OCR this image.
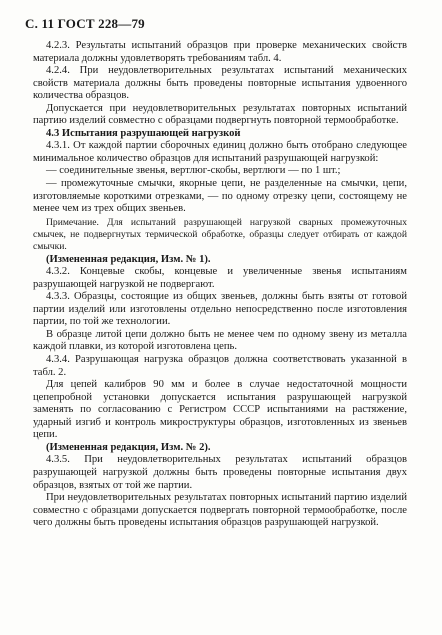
С. 11 ГОСТ 228—79

4.2.3. Результаты испытаний образцов при проверке механических свойств материала должны удовлетворять требованиям табл. 4.

4.2.4. При неудовлетворительных результатах испытаний механических свойств материала должны быть проведены повторные испытания удвоенного количества образцов.

Допускается при неудовлетворительных результатах повторных испытаний партию изделий совместно с образцами подвергнуть повторной термообработке.

4.3 Испытания разрушающей нагрузкой

4.3.1. От каждой партии сборочных единиц должно быть отобрано следующее минимальное количество образцов для испытаний разрушающей нагрузкой:

— соединительные звенья, вертлюг-скобы, вертлюги — по 1 шт.;

— промежуточные смычки, якорные цепи, не разделенные на смычки, цепи, изготовляемые короткими отрезками, — по одному отрезку цепи, состоящему не менее чем из трех общих звеньев.

Примечание. Для испытаний разрушающей нагрузкой сварных промежуточных смычек, не подвергнутых термической обработке, образцы следует отбирать от каждой смычки.

(Измененная редакция, Изм. № 1).

4.3.2. Концевые скобы, концевые и увеличенные звенья испытаниям разрушающей нагрузкой не подвергают.

4.3.3. Образцы, состоящие из общих звеньев, должны быть взяты от готовой партии изделий или изготовлены отдельно непосредственно после изготовления партии, по той же технологии.

В образце литой цепи должно быть не менее чем по одному звену из металла каждой плавки, из которой изготовлена цепь.

4.3.4. Разрушающая нагрузка образцов должна соответствовать указанной в табл. 2.

Для цепей калибров 90 мм и более в случае недостаточной мощности цепепробной установки допускается испытания разрушающей нагрузкой заменять по согласованию с Регистром СССР испытаниями на растяжение, ударный изгиб и контроль микроструктуры образцов, изготовленных из звеньев цепи.

(Измененная редакция, Изм. № 2).

4.3.5. При неудовлетворительных результатах испытаний образцов разрушающей нагрузкой должны быть проведены повторные испытания двух образцов, взятых от той же партии.

При неудовлетворительных результатах повторных испытаний партию изделий совместно с образцами допускается подвергать повторной термообработке, после чего должны быть проведены испытания образцов разрушающей нагрузкой.
